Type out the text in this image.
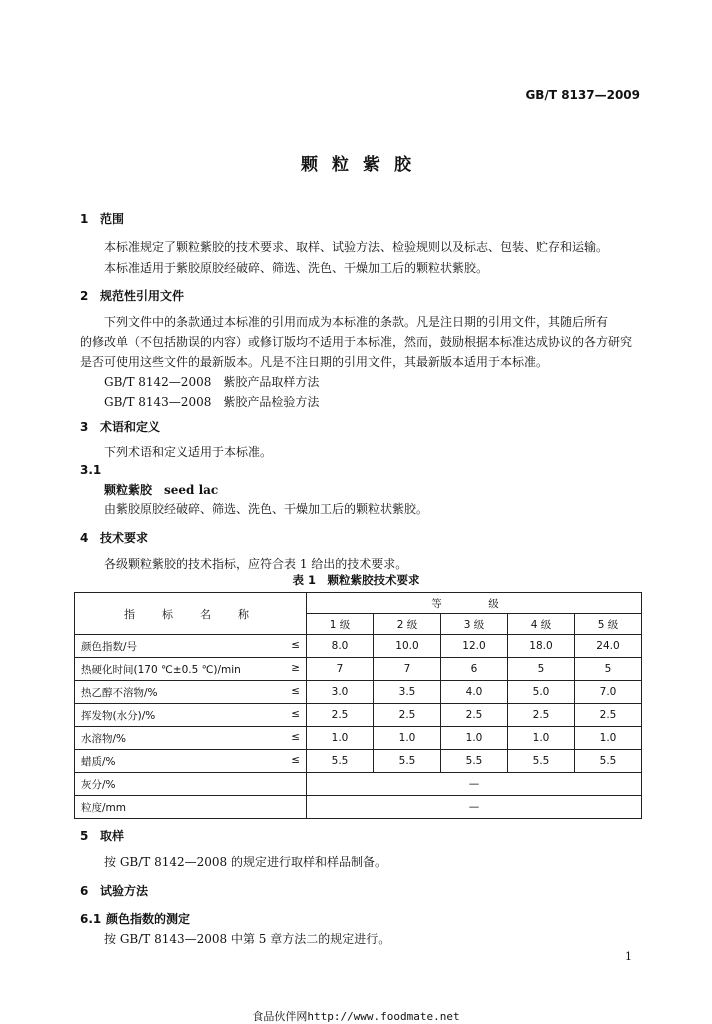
GB/T 8137—2009
颗粒紫胶
1 范围
本标准规定了颗粒紫胶的技术要求、取样、试验方法、检验规则以及标志、包装、贮存和运输。
本标准适用于紫胶原胶经破碎、筛选、洗色、干燥加工后的颗粒状紫胶。
2 规范性引用文件
下列文件中的条款通过本标准的引用而成为本标准的条款。凡是注日期的引用文件，其随后所有
的修改单（不包括勘误的内容）或修订版均不适用于本标准，然而，鼓励根据本标准达成协议的各方研究
是否可使用这些文件的最新版本。凡是不注日期的引用文件，其最新版本适用于本标准。
GB/T 8142—2008　紫胶产品取样方法
GB/T 8143—2008　紫胶产品检验方法
3 术语和定义
下列术语和定义适用于本标准。
3.1
颗粒紫胶　seed lac
由紫胶原胶经破碎、筛选、洗色、干燥加工后的颗粒状紫胶。
4 技术要求
各级颗粒紫胶的技术指标，应符合表 1 给出的技术要求。
表 1　颗粒紫胶技术要求
指　标　名　称	等　级				
	1 级	2 级	3 级	4 级	5 级

颜色指数/号 ≤	8.0	10.0	12.0	18.0	24.0

热硬化时间(170 ℃±0.5 ℃)/min ≥	7	7	6	5	5

热乙醇不溶物/% ≤	3.0	3.5	4.0	5.0	7.0

挥发物(水分)/% ≤	2.5	2.5	2.5	2.5	2.5

水溶物/% ≤	1.0	1.0	1.0	1.0	1.0

蜡质/% ≤	5.5	5.5	5.5	5.5	5.5
灰分/%	—				
粒度/mm	—				
5 取样
按 GB/T 8142—2008 的规定进行取样和样品制备。
6 试验方法
6.1 颜色指数的测定
按 GB/T 8143—2008 中第 5 章方法二的规定进行。
1
食品伙伴网http://www.foodmate.net
